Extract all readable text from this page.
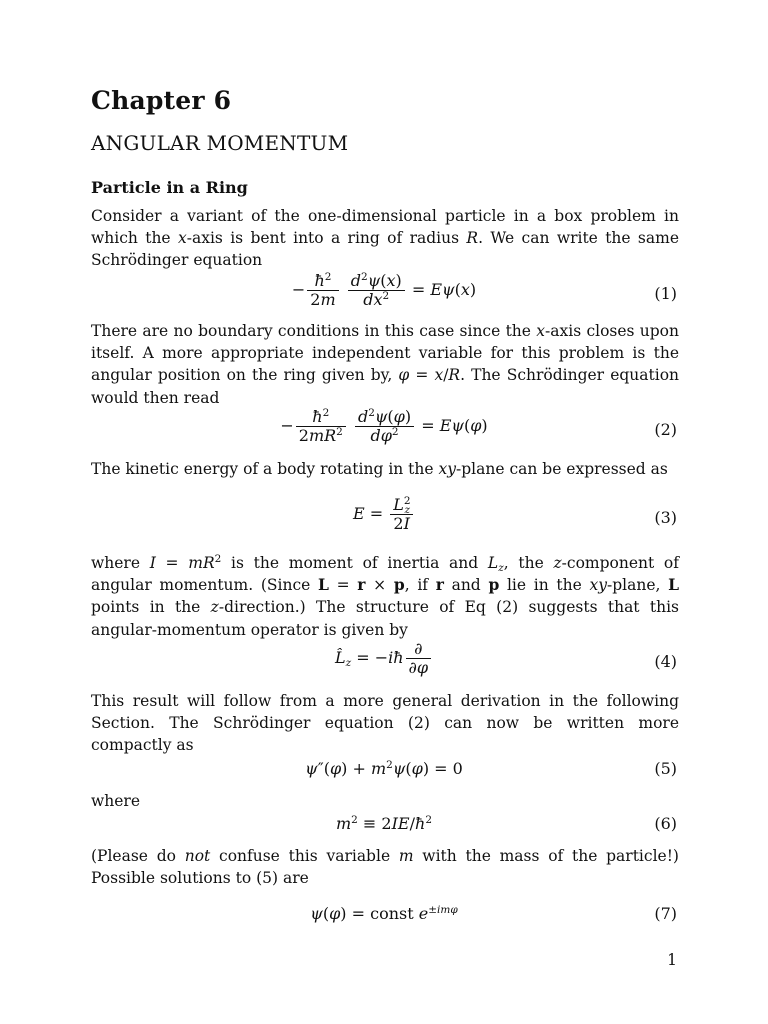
Chapter 6
ANGULAR MOMENTUM
Particle in a Ring

Consider a variant of the one-dimensional particle in a box problem in which the x-axis is bent into a ring of radius R. We can write the same Schrödinger equation

− $\frac{ħ^2}{2m}$
$\frac{d^2\psi(x)}{dx^2} = E\psi(x)$	(1)

There are no boundary conditions in this case since the x-axis closes upon itself. A more appropriate independent variable for this problem is the angular position on the ring given by, φ = x/R. The Schrödinger equation would then read

− $\frac{ħ^2}{2mR^2}$
$\frac{d^2\psi(\varphi)}{d\varphi^2} = E\psi(\varphi)$	(2)

The kinetic energy of a body rotating in the xy-plane can be expressed as

$E = \frac{L^2_z}{2I}$	(3)

where $I = mR^2$ is the moment of inertia and $L_z$, the z-component of angular momentum. (Since L = r × p, if r and p lie in the xy-plane, L points in the z-direction.) The structure of Eq (2) suggests that this angular-momentum operator is given by

$L̂_z$ = −iħ $\frac{\partial}{\partial\varphi}$	(4)

This result will follow from a more general derivation in the following Section. The Schrödinger equation (2) can now be written more compactly as

$\psi''(\varphi) + m^2\psi(\varphi) = 0$	(5)

where

$m^2$ ≡ $2IE/ħ^2$	(6)

(Please do not confuse this variable m with the mass of the particle!) Possible solutions to (5) are

ψ(φ) = const $e^{\pm im\varphi}$	(7)
1
